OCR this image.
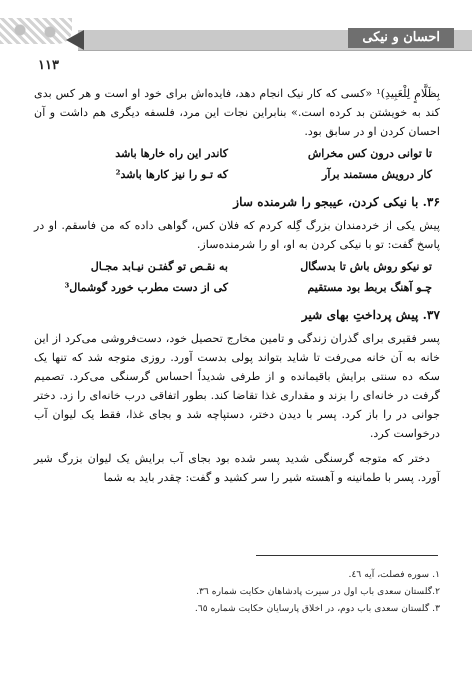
احسان و نیکی
۱۱۳

بِظَلَّامٍ لِلْعَبِيدِ)¹ «کسی که کار نیک انجام دهد، فایده‌اش برای خود او است و هر کس بدی کند به خویشتن بد کرده است.» بنابراین نجات این مرد، فلسفه دیگری هم داشت و آن احسان کردن او در سابق بود.

تا توانی درون کس مخراش
کاندر این راه خارها باشد
کار درویش مستمند برآر
که تـو را نیز کارها باشد²
۳۶. با نیکی کردن، عیبجو را شرمنده ساز

پیش یکی از خردمندان بزرگ گِله کردم که فلان کس، گواهی داده که من فاسقم. او در پاسخ گفت: تو با نیکی کردن به او، او را شرمنده‌ساز.

تو نیکو روش باش تا بدسگال
به نقـص تو گفتـن نیـابد مجـال
چـو آهنگ بربط بود مستقیم
کی از دست مطرب خورد گوشمال³
۳۷. پیش پرداختِ بهای شیر

پسر فقیری برای گذران زندگی و تامین مخارج تحصیل خود، دست‌فروشی می‌کرد از این خانه به آن خانه می‌رفت تا شاید بتواند پولی بدست آورد. روزی متوجه شد که تنها یک سکه ده سنتی برایش باقیمانده و از طرفی شدیداً احساس گرسنگی می‌کرد. تصمیم گرفت در خانه‌ای را بزند و مقداری غذا تقاضا کند. بطور اتفاقی درب خانه‌ای را زد. دختر جوانی در را باز کرد. پسر با دیدن دختر، دستپاچه شد و بجای غذا، فقط یک لیوان آب درخواست کرد.

دختر که متوجه گرسنگی شدید پسر شده بود بجای آب برایش یک لیوان بزرگ شیر آورد. پسر با طمانینه و آهسته شیر را سر کشید و گفت: چقدر باید به شما

۱. سوره فصلت، آیه ٤٦.
۲.گلستان سعدی باب اول در سیرت پادشاهان حکایت شماره ۳٦.
۳. گلستان سعدی باب دوم، در اخلاق پارسایان حکایت شماره ٦٥.
